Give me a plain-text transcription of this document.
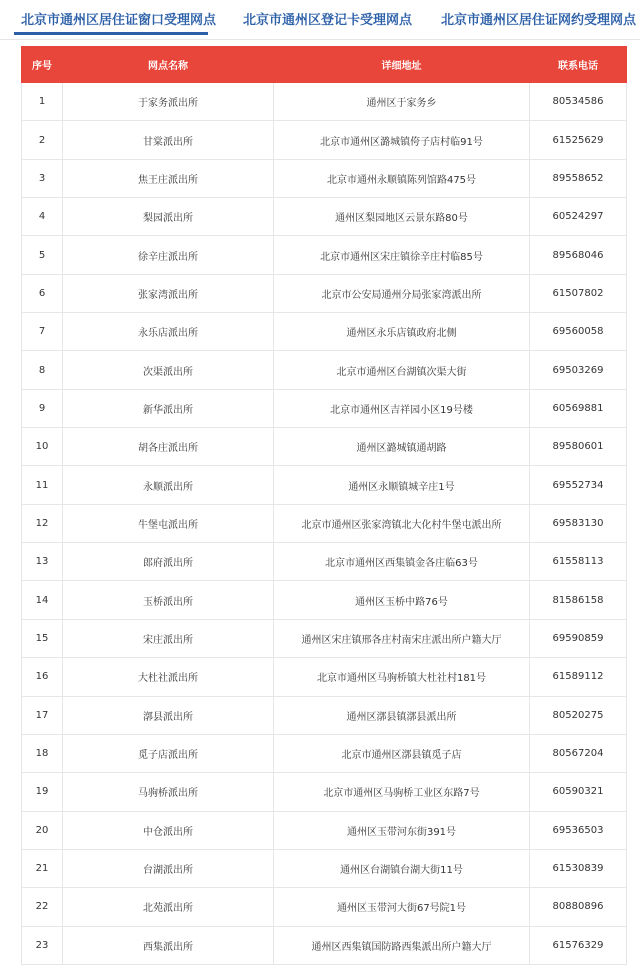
北京市通州区居住证窗口受理网点 北京市通州区登记卡受理网点 北京市通州区居住证网约受理网点
序号	网点名称	详细地址	联系电话
1	于家务派出所	通州区于家务乡	80534586
2	甘棠派出所	北京市通州区潞城镇侉子店村临91号	61525629
3	焦王庄派出所	北京市通州永顺镇陈列馆路475号	89558652
4	梨园派出所	通州区梨园地区云景东路80号	60524297
5	徐辛庄派出所	北京市通州区宋庄镇徐辛庄村临85号	89568046
6	张家湾派出所	北京市公安局通州分局张家湾派出所	61507802
7	永乐店派出所	通州区永乐店镇政府北侧	69560058
8	次渠派出所	北京市通州区台湖镇次渠大街	69503269
9	新华派出所	北京市通州区吉祥园小区19号楼	60569881
10	胡各庄派出所	通州区潞城镇通胡路	89580601
11	永顺派出所	通州区永顺镇城辛庄1号	69552734
12	牛堡屯派出所	北京市通州区张家湾镇北大化村牛堡屯派出所	69583130
13	郎府派出所	北京市通州区西集镇金各庄临63号	61558113
14	玉桥派出所	通州区玉桥中路76号	81586158
15	宋庄派出所	通州区宋庄镇邢各庄村南宋庄派出所户籍大厅	69590859
16	大杜社派出所	北京市通州区马驹桥镇大杜社村181号	61589112
17	漷县派出所	通州区漷县镇漷县派出所	80520275
18	觅子店派出所	北京市通州区漷县镇觅子店	80567204
19	马驹桥派出所	北京市通州区马驹桥工业区东路7号	60590321
20	中仓派出所	通州区玉带河东街391号	69536503
21	台湖派出所	通州区台湖镇台湖大街11号	61530839
22	北苑派出所	通州区玉带河大街67号院1号	80880896
23	西集派出所	通州区西集镇国防路西集派出所户籍大厅	61576329
